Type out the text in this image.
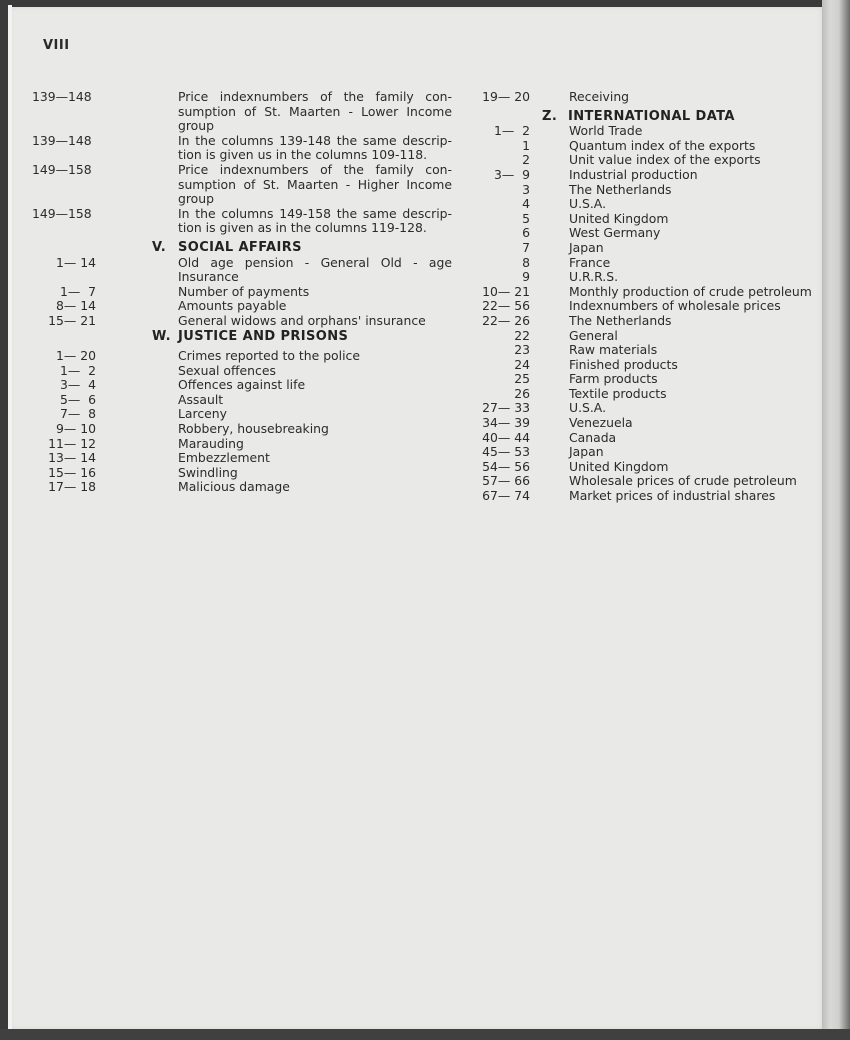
VIII
139—148	Price indexnumbers of the family con-sumption of St. Maarten - Lower Income group
139—148	In the columns 139-148 the same descrip-tion is given us in the columns 109-118.
149—158	Price indexnumbers of the family con-sumption of St. Maarten - Higher Income group
149—158	In the columns 149-158 the same descrip-tion is given as in the columns 119-128.
V. SOCIAL AFFAIRS
1— 14	Old age pension - General Old - age Insurance
1—  7	Number of payments
8— 14	Amounts payable
15— 21	General widows and orphans' insurance
W. JUSTICE AND PRISONS
1— 20	Crimes reported to the police
1—  2	Sexual offences
3—  4	Offences against life
5—  6	Assault
7—  8	Larceny
9— 10	Robbery, housebreaking
11— 12	Marauding
13— 14	Embezzlement
15— 16	Swindling
17— 18	Malicious damage
19— 20	Receiving
Z. INTERNATIONAL DATA
1—  2	World Trade
1	Quantum index of the exports
2	Unit value index of the exports
3—  9	Industrial production
3	The Netherlands
4	U.S.A.
5	United Kingdom
6	West Germany
7	Japan
8	France
9	U.R.R.S.
10— 21	Monthly production of crude petroleum
22— 56	Indexnumbers of wholesale prices
22— 26	The Netherlands
22	General
23	Raw materials
24	Finished products
25	Farm products
26	Textile products
27— 33	U.S.A.
34— 39	Venezuela
40— 44	Canada
45— 53	Japan
54— 56	United Kingdom
57— 66	Wholesale prices of crude petroleum
67— 74	Market prices of industrial shares
